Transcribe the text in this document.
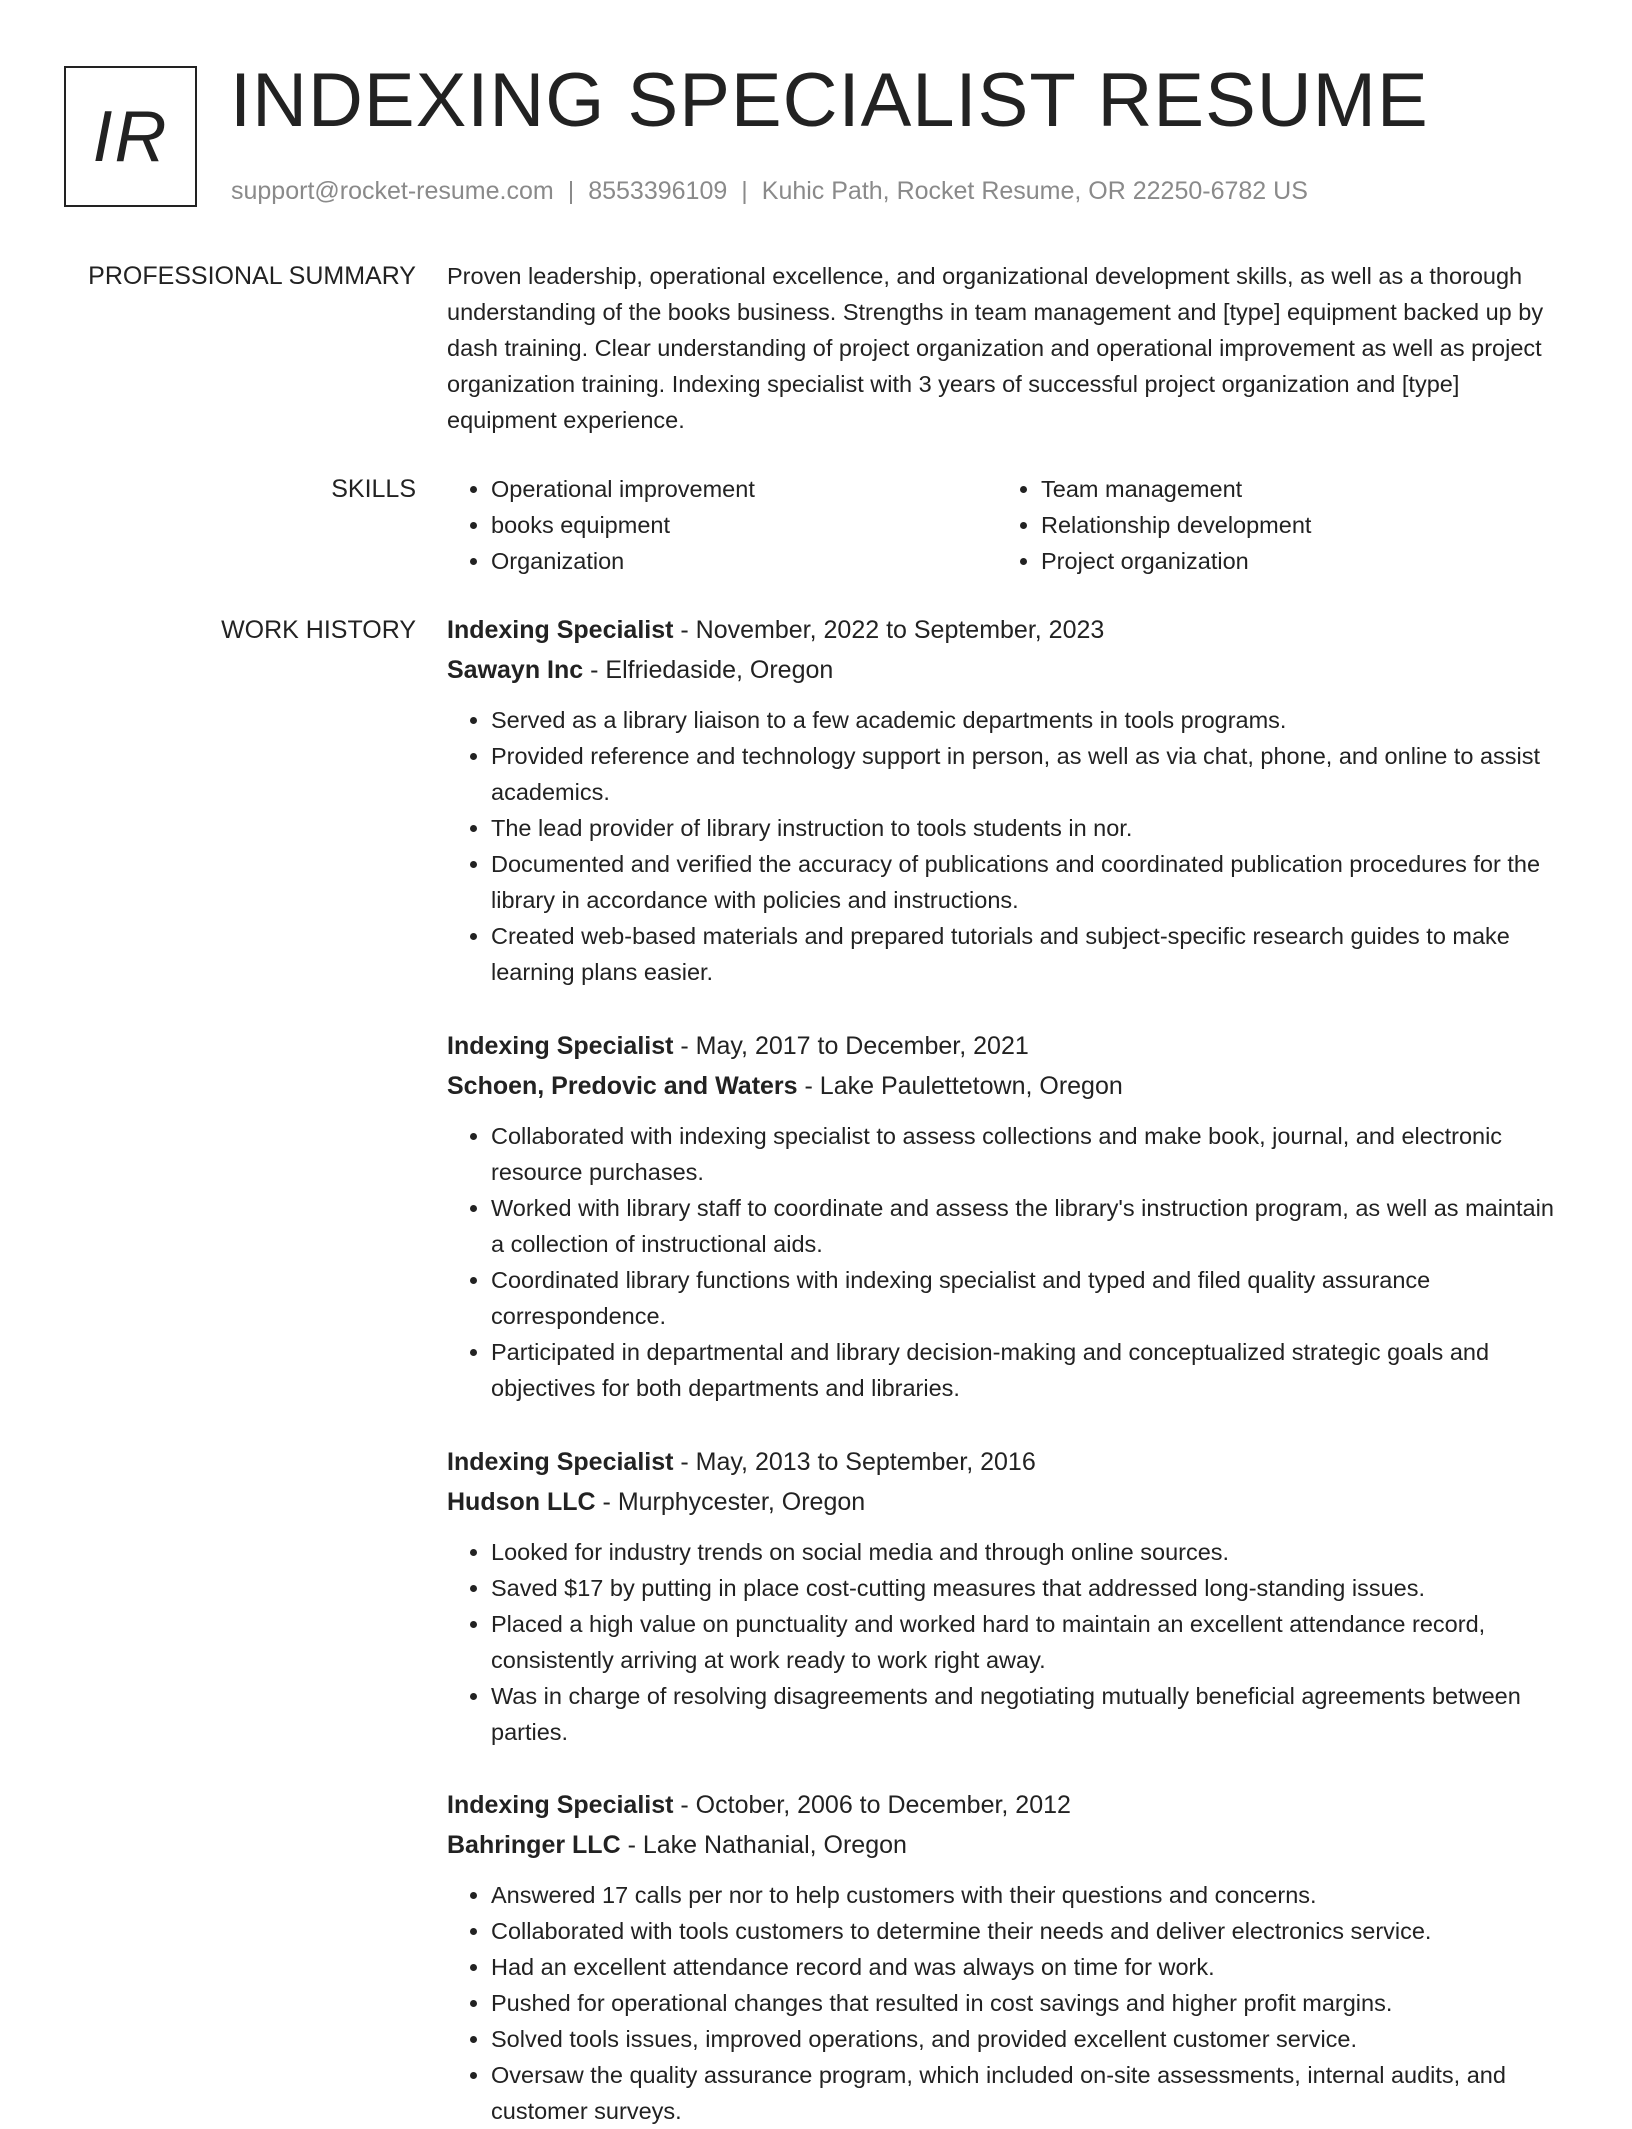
IR INDEXING SPECIALIST RESUME
support@rocket-resume.com | 8553396109 | Kuhic Path, Rocket Resume, OR 22250-6782 US
PROFESSIONAL SUMMARY Proven leadership, operational excellence, and organizational development skills, as well as a thorough understanding of the books business. Strengths in team management and [type] equipment backed up by dash training. Clear understanding of project organization and operational improvement as well as project organization training. Indexing specialist with 3 years of successful project organization and [type] equipment experience.

SKILLS
•	Operational improvement
• books equipment
• Organization
• Team management
• Relationship development
• Project organization
WORK HISTORY Indexing Specialist - November, 2022 to September, 2023
Sawayn Inc - Elfriedaside, Oregon
• Served as a library liaison to a few academic departments in tools programs.
• Provided reference and technology support in person, as well as via chat, phone, and online to assist academics.
• The lead provider of library instruction to tools students in nor.
• Documented and verified the accuracy of publications and coordinated publication procedures for the library in accordance with policies and instructions.
• Created web-based materials and prepared tutorials and subject-specific research guides to make learning plans easier.
Indexing Specialist - May, 2017 to December, 2021
Schoen, Predovic and Waters - Lake Paulettetown, Oregon
• Collaborated with indexing specialist to assess collections and make book, journal, and electronic resource purchases.
• Worked with library staff to coordinate and assess the library's instruction program, as well as maintain a collection of instructional aids.
• Coordinated library functions with indexing specialist and typed and filed quality assurance correspondence.
• Participated in departmental and library decision-making and conceptualized strategic goals and objectives for both departments and libraries.
Indexing Specialist - May, 2013 to September, 2016
Hudson LLC - Murphycester, Oregon
• Looked for industry trends on social media and through online sources.
• Saved $17 by putting in place cost-cutting measures that addressed long-standing issues.
• Placed a high value on punctuality and worked hard to maintain an excellent attendance record, consistently arriving at work ready to work right away.
• Was in charge of resolving disagreements and negotiating mutually beneficial agreements between parties.
Indexing Specialist - October, 2006 to December, 2012
Bahringer LLC - Lake Nathanial, Oregon
• Answered 17 calls per nor to help customers with their questions and concerns.
• Collaborated with tools customers to determine their needs and deliver electronics service.
• Had an excellent attendance record and was always on time for work.
• Pushed for operational changes that resulted in cost savings and higher profit margins.
• Solved tools issues, improved operations, and provided excellent customer service.
• Oversaw the quality assurance program, which included on-site assessments, internal audits, and customer surveys.
